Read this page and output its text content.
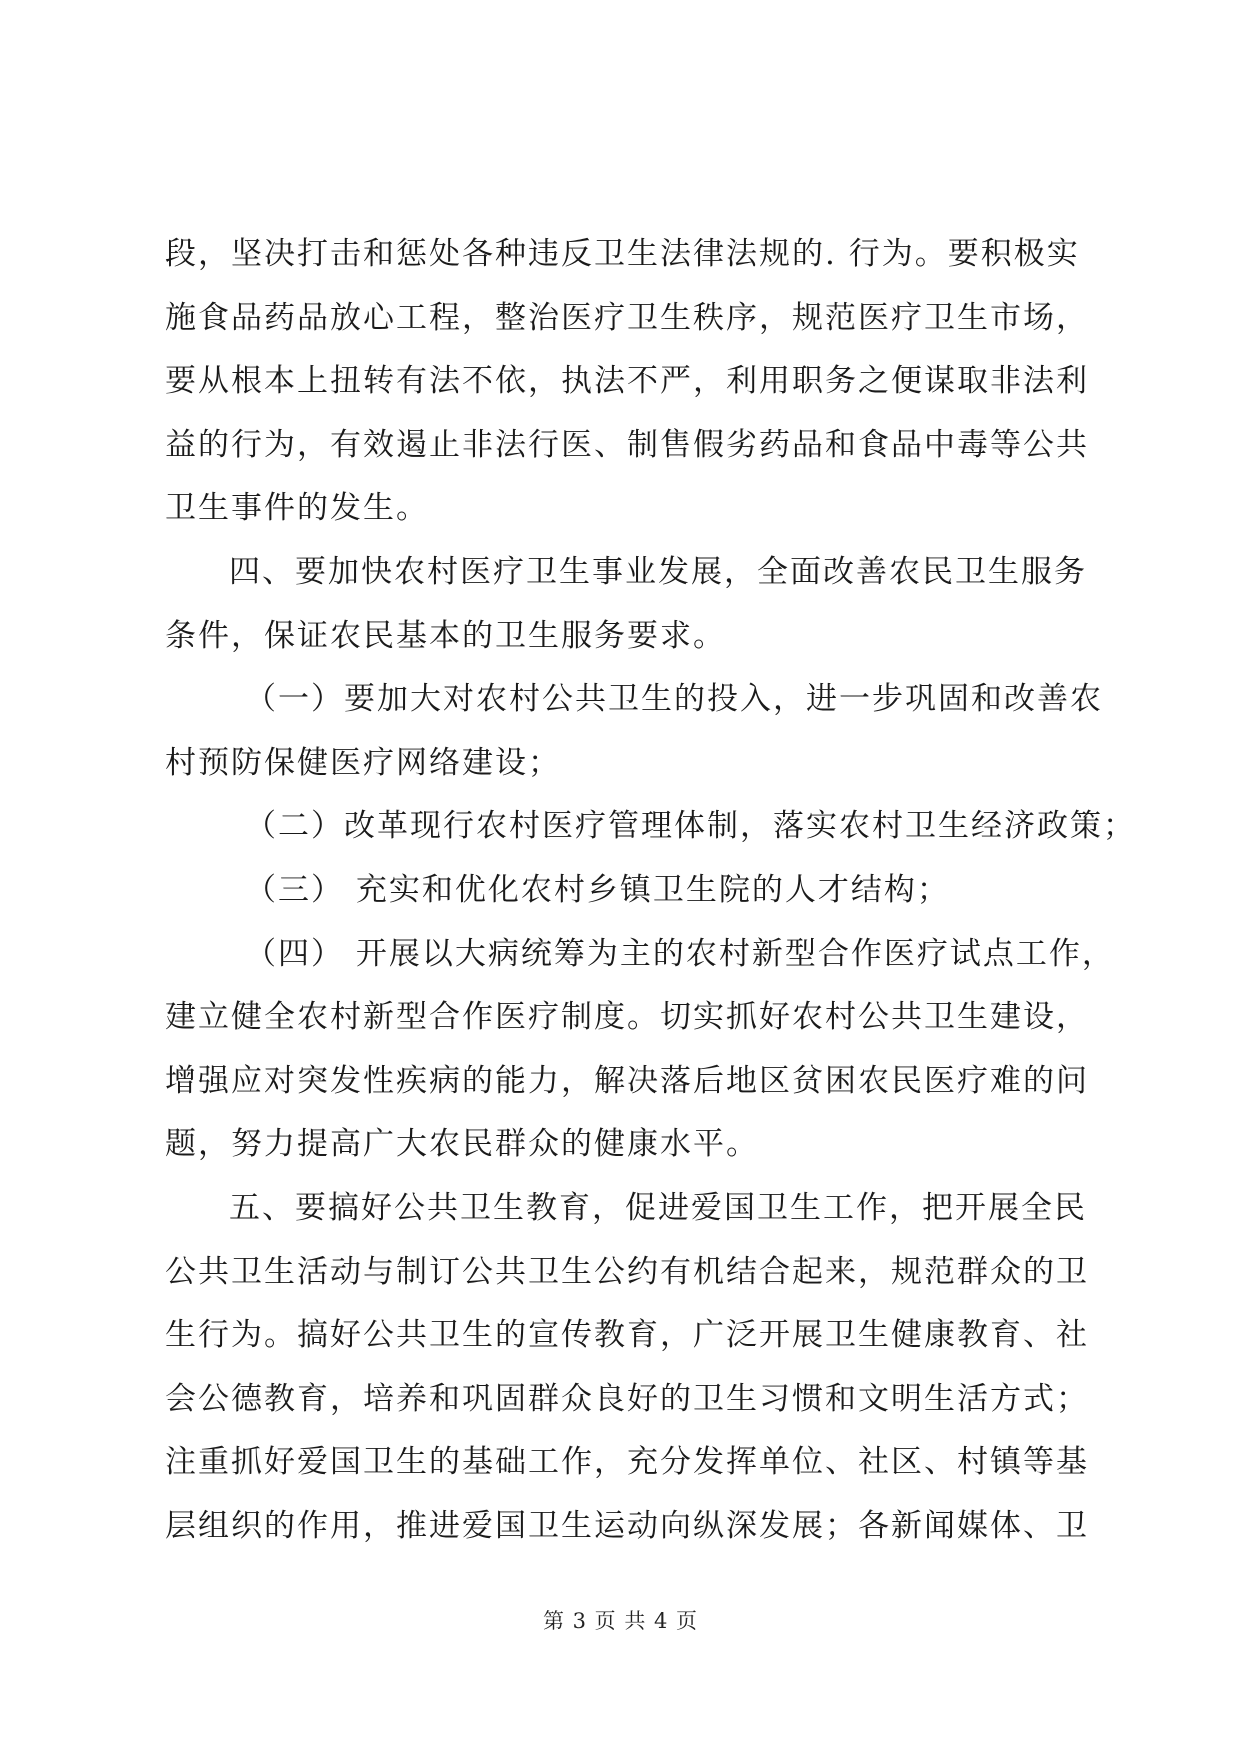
段，坚决打击和惩处各种违反卫生法律法规的. 行为。要积极实
施食品药品放心工程，整治医疗卫生秩序，规范医疗卫生市场，
要从根本上扭转有法不依，执法不严，利用职务之便谋取非法利
益的行为，有效遏止非法行医、制售假劣药品和食品中毒等公共
卫生事件的发生。
四、要加快农村医疗卫生事业发展，全面改善农民卫生服务
条件，保证农民基本的卫生服务要求。
（一）要加大对农村公共卫生的投入，进一步巩固和改善农
村预防保健医疗网络建设；
（二）改革现行农村医疗管理体制，落实农村卫生经济政策；
（三） 充实和优化农村乡镇卫生院的人才结构；
（四） 开展以大病统筹为主的农村新型合作医疗试点工作，
建立健全农村新型合作医疗制度。切实抓好农村公共卫生建设，
增强应对突发性疾病的能力，解决落后地区贫困农民医疗难的问
题，努力提高广大农民群众的健康水平。
五、要搞好公共卫生教育，促进爱国卫生工作，把开展全民
公共卫生活动与制订公共卫生公约有机结合起来，规范群众的卫
生行为。搞好公共卫生的宣传教育，广泛开展卫生健康教育、社
会公德教育，培养和巩固群众良好的卫生习惯和文明生活方式；
注重抓好爱国卫生的基础工作，充分发挥单位、社区、村镇等基
层组织的作用，推进爱国卫生运动向纵深发展；各新闻媒体、卫
第 3 页 共 4 页
